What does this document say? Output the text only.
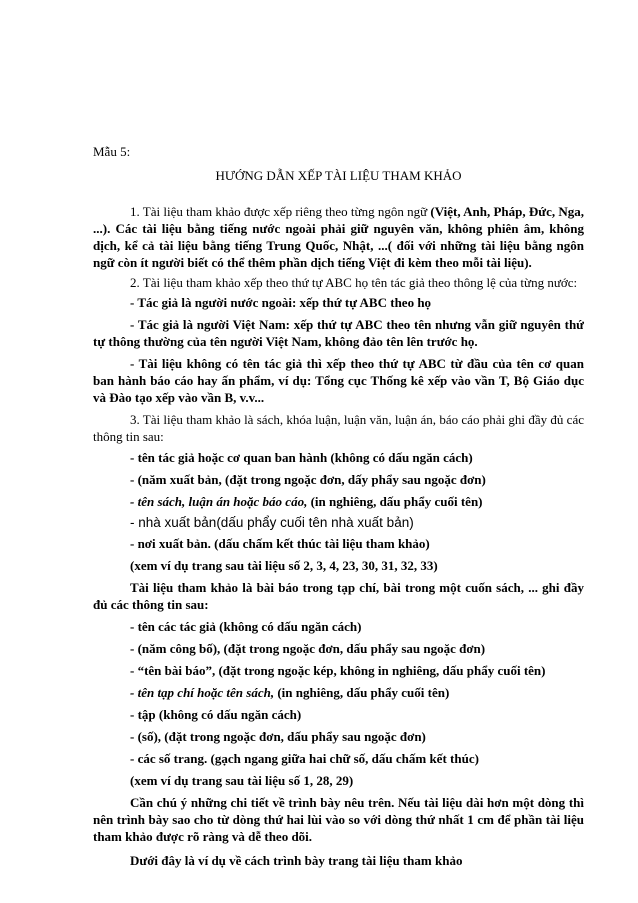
Mẫu 5:

HƯỚNG DẪN XẾP TÀI LIỆU THAM KHẢO

1. Tài liệu tham khảo được xếp riêng theo từng ngôn ngữ (Việt, Anh, Pháp, Đức, Nga, ...). Các tài liệu bằng tiếng nước ngoài phải giữ nguyên văn, không phiên âm, không dịch, kể cả tài liệu bằng tiếng Trung Quốc, Nhật, ...( đối với những tài liệu bằng ngôn ngữ còn ít người biết có thể thêm phần dịch tiếng Việt đi kèm theo mỗi tài liệu).

2. Tài liệu tham khảo xếp theo thứ tự ABC họ tên tác giả theo thông lệ của từng nước:

- Tác giả là người nước ngoài: xếp thứ tự ABC theo họ

- Tác giả là người Việt Nam: xếp thứ tự ABC theo tên nhưng vẫn giữ nguyên thứ tự thông thường của tên người Việt Nam, không đảo tên lên trước họ.

- Tài liệu không có tên tác giả thì xếp theo thứ tự ABC từ đầu của tên cơ quan ban hành báo cáo hay ấn phẩm, ví dụ: Tổng cục Thống kê xếp vào vần T, Bộ Giáo dục và Đào tạo xếp vào vần B, v.v...

3. Tài liệu tham khảo là sách, khóa luận, luận văn, luận án, báo cáo phải ghi đầy đủ các thông tin sau:

- tên tác giả hoặc cơ quan ban hành (không có dấu ngăn cách)

- (năm xuất bản, (đặt trong ngoặc đơn, dấy phẩy sau ngoặc đơn)

- tên sách, luận án hoặc báo cáo, (in nghiêng, dấu phẩy cuối tên)

- nhà xuất bản(dấu phẩy cuối tên nhà xuất bản)

- nơi xuất bản. (dấu chấm kết thúc tài liệu tham khảo)

(xem ví dụ trang sau tài liệu số 2, 3, 4, 23, 30, 31, 32, 33)

Tài liệu tham khảo là bài báo trong tạp chí, bài trong một cuốn sách, ... ghi đầy đủ các thông tin sau:

- tên các tác giả (không có dấu ngăn cách)

- (năm công bố), (đặt trong ngoặc đơn, dấu phẩy sau ngoặc đơn)

- “tên bài báo”, (đặt trong ngoặc kép, không in nghiêng, dấu phẩy cuối tên)

- tên tạp chí hoặc tên sách, (in nghiêng, dấu phẩy cuối tên)

- tập (không có dấu ngăn cách)

- (số), (đặt trong ngoặc đơn, dấu phẩy sau ngoặc đơn)

- các số trang. (gạch ngang giữa hai chữ số, dấu chấm kết thúc)

(xem ví dụ trang sau tài liệu số 1, 28, 29)

Cần chú ý những chi tiết về trình bày nêu trên. Nếu tài liệu dài hơn một dòng thì nên trình bày sao cho từ dòng thứ hai lùi vào so với dòng thứ nhất 1 cm để phần tài liệu tham khảo được rõ ràng và dễ theo dõi.

Dưới đây là ví dụ về cách trình bày trang tài liệu tham khảo
